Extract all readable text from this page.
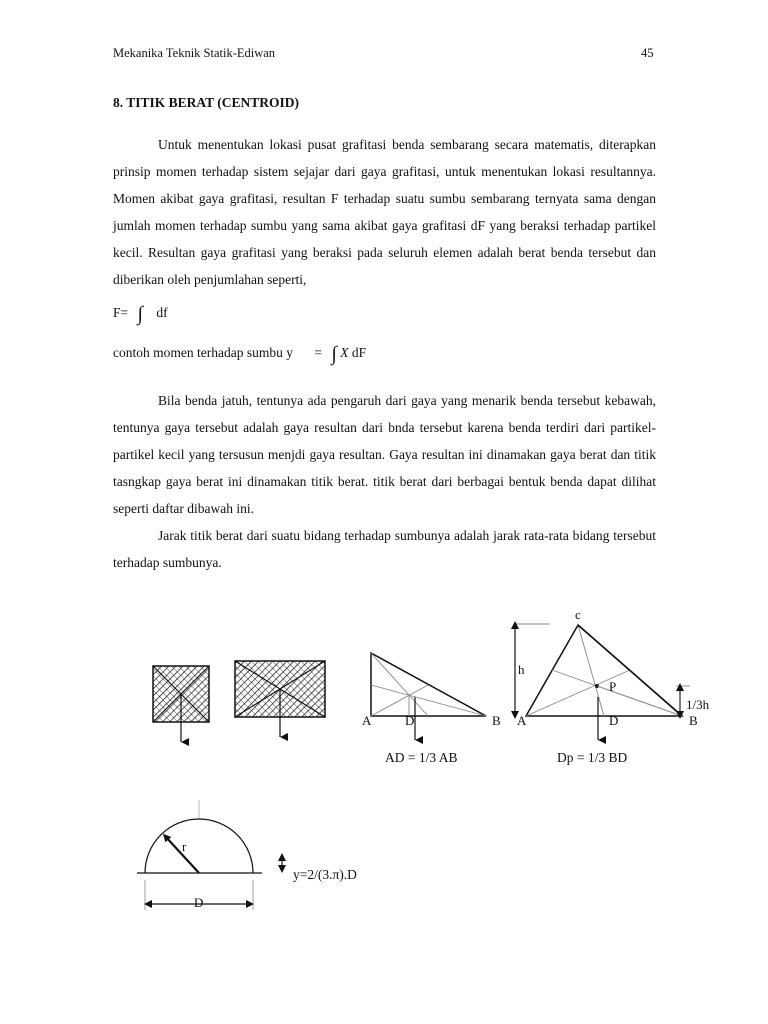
Mekanika Teknik Statik-Ediwan	45
8. TITIK BERAT (CENTROID)

Untuk menentukan lokasi pusat grafitasi benda sembarang secara matematis, diterapkan prinsip momen terhadap sistem sejajar dari gaya grafitasi, untuk menentukan lokasi resultannya. Momen akibat gaya grafitasi, resultan F terhadap suatu sumbu sembarang ternyata sama dengan jumlah momen terhadap sumbu yang sama akibat gaya grafitasi dF yang beraksi terhadap partikel kecil. Resultan gaya grafitasi yang beraksi pada seluruh elemen adalah berat benda tersebut dan diberikan oleh penjumlahan seperti,

F= ∫ df
contoh momen terhadap sumbu y = ∫ X dF

Bila benda jatuh, tentunya ada pengaruh dari gaya yang menarik benda tersebut kebawah, tentunya gaya tersebut adalah gaya resultan dari bnda tersebut karena benda terdiri dari partikel-partikel kecil yang tersusun menjdi gaya resultan. Gaya resultan ini dinamakan gaya berat dan titik tasngkap gaya berat ini dinamakan titik berat. titik berat dari berbagai bentuk benda dapat dilihat seperti daftar dibawah ini.

Jarak titik berat dari suatu bidang terhadap sumbunya adalah jarak rata-rata bidang tersebut terhadap sumbunya.

A	D	B
AD = 1/3 AB
c
h
P
1/3h
A	D	B
Dp = 1/3 BD
r
D
y=2/(3.π).D
